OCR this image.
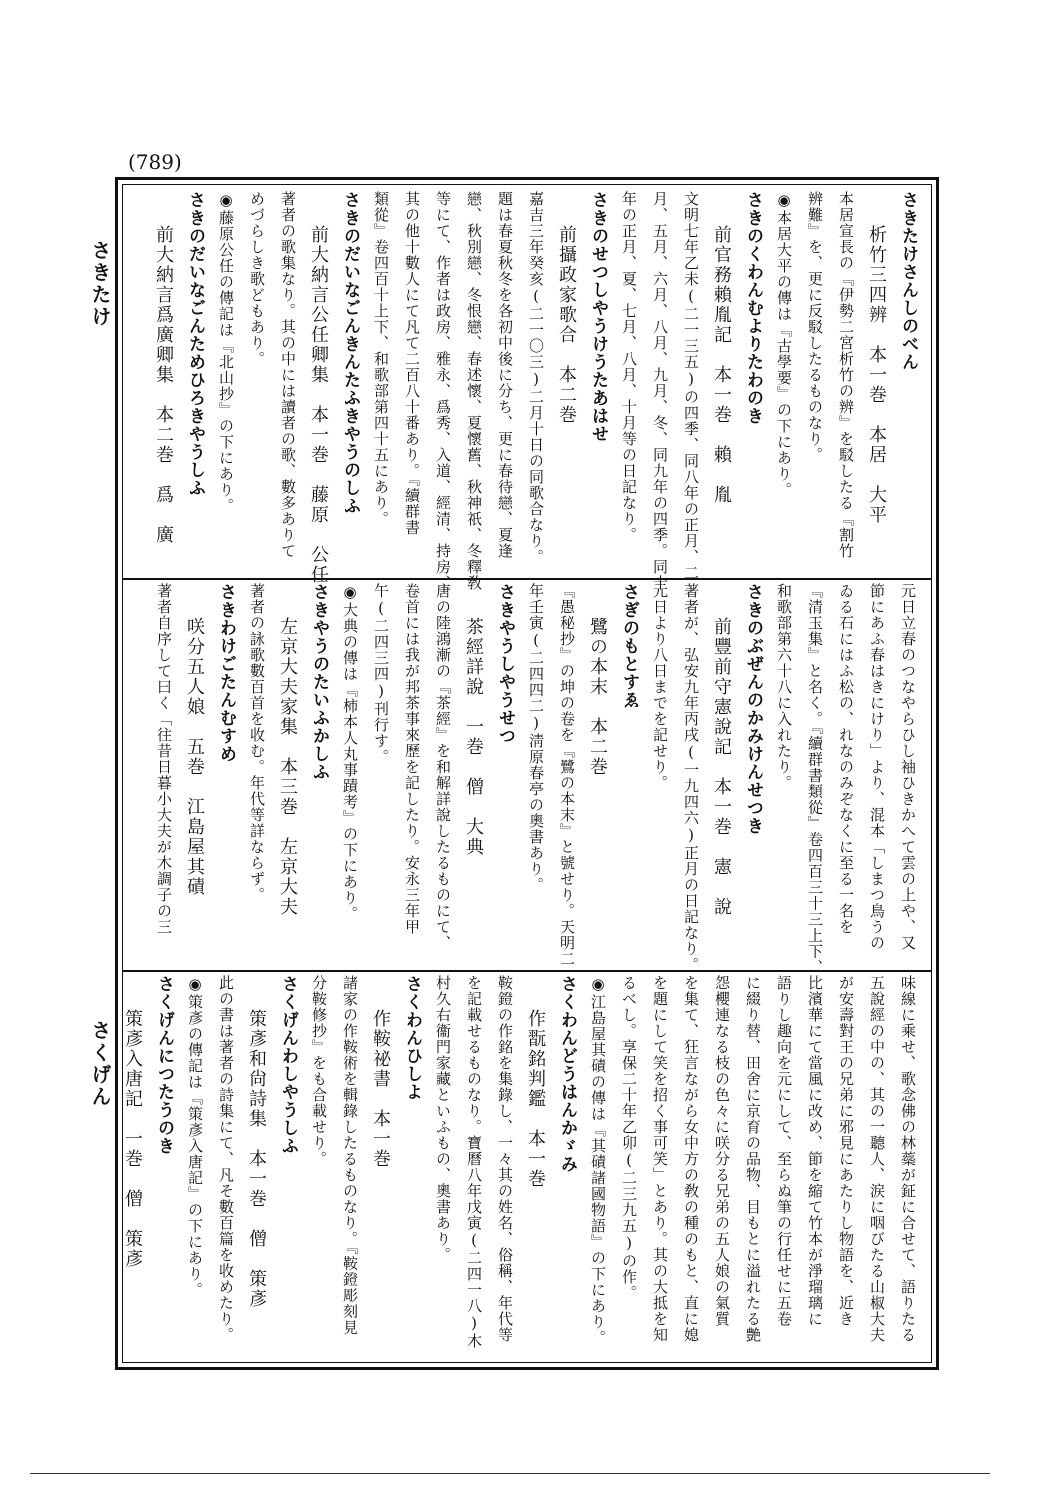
(789)
さきたけ
さくげん
さきたけさんしのべん
析竹三四辨　本一巻　本居　大平
本居宣長の『伊勢二宮析竹の辨』を駁したる『割竹
辨難』を、更に反駁したるものなり。
◉本居大平の傳は『古學要』の下にあり。
さきのくわんむよりたわのき
前官務賴胤記　本一巻　賴　胤
文明七年乙未(二一三五)の四季、同八年の正月、二
月、五月、六月、八月、九月、冬、同九年の四季。同十
年の正月、夏、七月、八月、十月等の日記なり。
さきのせつしやうけうたあはせ
前攝政家歌合　本二巻
嘉吉三年癸亥(二一〇三)二月十日の同歌合なり。
題は春夏秋冬を各初中後に分ち、更に春待戀、夏逢
戀、秋別戀、冬恨戀、春述懷、夏懷舊、秋神祇、冬釋敎
等にて、作者は政房、雅永、爲秀、入道、經清、持房、
其の他十數人にて凡て二百八十番あり。『續群書
類從』卷四百十上下、和歌部第四十五にあり。
さきのだいなごんきんたふきやうのしふ
前大納言公任卿集　本一巻　藤原　公任
著者の歌集なり。其の中には讀者の歌、數多ありて
めづらしき歌どもあり。
◉藤原公任の傳記は『北山抄』の下にあり。
さきのだいなごんためひろきやうしふ
前大納言爲廣卿集　本二巻　爲　廣
元日立春のつなやらひし袖ひきかへて雲の上や、又
節にあふ春はきにけり」より、混本「しまつ鳥うの
ゐる石にはふ松の、れなのみぞなくに至る一名を
『清玉集』と名く。『續群書類從』卷四百三十三上下、
和歌部第六十八に入れたり。
さきのぶぜんのかみけんせつき
前豐前守憲說記　本一巻　憲　說
著者が、弘安九年丙戌(一九四六)正月の日記なり。
元日より八日までを記せり。
さぎのもとすゑ
鷺の本末　本二巻
『愚秘抄』の坤の卷を『鷺の本末』と號せり。天明二
年壬寅(二四四二)淸原春亭の奧書あり。
さきやうしやうせつ
茶經詳說　一巻　僧　大典
唐の陸鴻漸の『茶經』を和解詳說したるものにて、
卷首には我が邦茶事來歷を記したり。安永三年甲
午(二四三四)刊行す。
◉大典の傳は『柿本人丸事蹟考』の下にあり。
さきやうのたいふかしふ
左京大夫家集　本三巻　左京大夫
著者の詠歌數百首を收む。年代等詳ならず。
さきわけごたんむすめ
咲分五人娘　五巻　江島屋其磧
著者自序して曰く「往昔日暮小大夫が木調子の三
味線に乘せ、歌念佛の林蘂が鉦に合せて、語りたる
五說經の中の、其の一聽人、涙に咽びたる山椒大夫
が安壽對王の兄弟に邪見にあたりし物語を、近き
比濱華にて當風に改め、節を縮て竹本が淨瑠璃に
語りし趣向を元にして、至らぬ筆の行任せに五卷
に綴り替、田舍に京育の品物、目もとに溢れたる艶
怨櫻連なる枝の色々に咲分る兄弟の五人娘の氣質
を集て、狂言ながら女中方の敎の種のもと、直に媳
を題にして笑を招く事可笑」とあり。其の大抵を知
るべし。享保二十年乙卯(二三九五)の作。
◉江島屋其磧の傳は『其磧諸國物語』の下にあり。
さくわんどうはんかゞみ
作翫銘判鑑　本一巻
鞍鐙の作銘を集錄し、一々其の姓名、俗稱、年代等
を記載せるものなり。寶曆八年戊寅(二四一八)木
村久右衞門家藏といふもの、奧書あり。
さくわんひしよ
作鞍祕書　本一巻
諸家の作鞍術を輯錄したるものなり。『鞍鐙彫刻見
分鞍修抄』をも合載せり。
さくげんわしやうしふ
策彥和尙詩集　本一巻　僧　策彥
此の書は著者の詩集にて、凡そ數百篇を收めたり。
◉策彥の傳記は『策彥入唐記』の下にあり。
さくげんにつたうのき
策彥入唐記　一巻　僧　策彥
